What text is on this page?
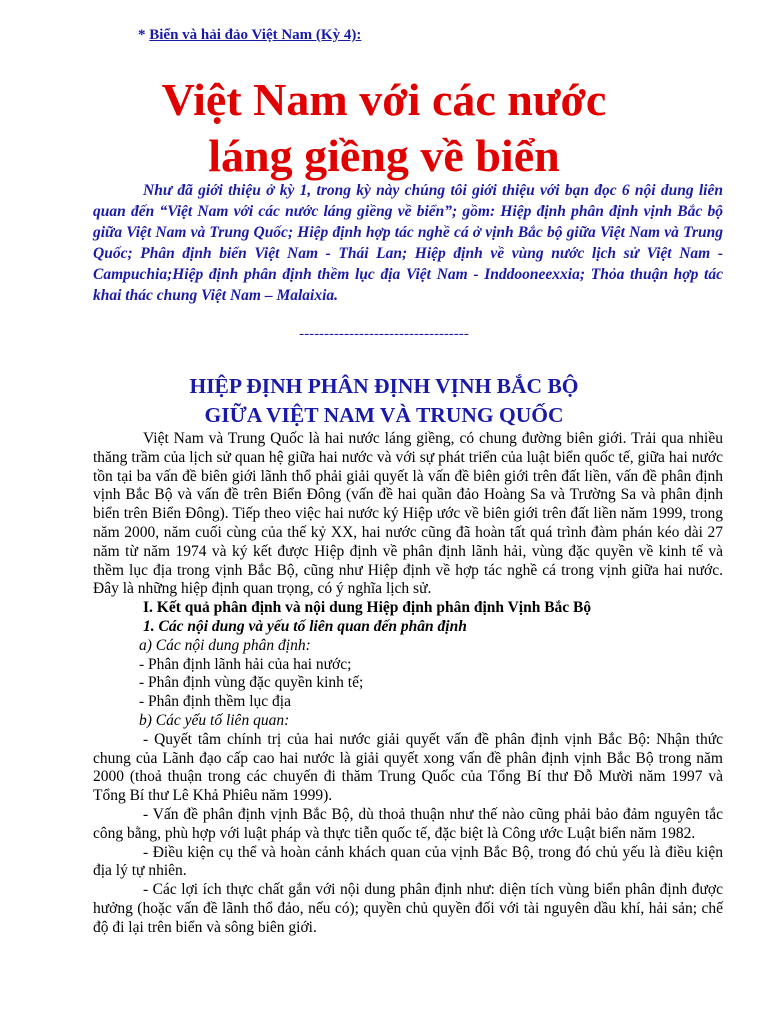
* Biển và hải đảo Việt Nam (Kỳ 4):
Việt Nam với các nước
láng giềng về biển

Như đã giới thiệu ở kỳ 1, trong kỳ này chúng tôi giới thiệu với bạn đọc 6 nội dung liên quan đến “Việt Nam với các nước láng giềng về biển”; gồm: Hiệp định phân định vịnh Bắc bộ giữa Việt Nam và Trung Quốc; Hiệp định hợp tác nghề cá ở vịnh Bắc bộ giữa Việt Nam và Trung Quốc; Phân định biển Việt Nam - Thái Lan; Hiệp định về vùng nước lịch sử Việt Nam - Campuchia;Hiệp định phân định thềm lục địa Việt Nam - Inddooneexxia; Thỏa thuận hợp tác khai thác chung Việt Nam – Malaixia.

----------------------------------
HIỆP ĐỊNH PHÂN ĐỊNH VỊNH BẮC BỘ
GIỮA VIỆT NAM VÀ TRUNG QUỐC

Việt Nam và Trung Quốc là hai nước láng giềng, có chung đường biên giới. Trải qua nhiều thăng trầm của lịch sử quan hệ giữa hai nước và với sự phát triển của luật biển quốc tế, giữa hai nước tồn tại ba vấn đề biên giới lãnh thổ phải giải quyết là vấn đề biên giới trên đất liền, vấn đề phân định vịnh Bắc Bộ và vấn đề trên Biển Đông (vấn đề hai quần đảo Hoàng Sa và Trường Sa và phân định biển trên Biển Đông). Tiếp theo việc hai nước ký Hiệp ước về biên giới trên đất liền năm 1999, trong năm 2000, năm cuối cùng của thế kỷ XX, hai nước cũng đã hoàn tất quá trình đàm phán kéo dài 27 năm từ năm 1974 và ký kết được Hiệp định về phân định lãnh hải, vùng đặc quyền về kinh tế và thềm lục địa trong vịnh Bắc Bộ, cũng như Hiệp định về hợp tác nghề cá trong vịnh giữa hai nước. Đây là những hiệp định quan trọng, có ý nghĩa lịch sử.

I. Kết quả phân định và nội dung Hiệp định phân định Vịnh Bắc Bộ

1. Các nội dung và yếu tố liên quan đến phân định

a) Các nội dung phân định:

- Phân định lãnh hải của hai nước;

- Phân định vùng đặc quyền kinh tế;

- Phân định thềm lục địa

b) Các yếu tố liên quan:

- Quyết tâm chính trị của hai nước giải quyết vấn đề phân định vịnh Bắc Bộ: Nhận thức chung của Lãnh đạo cấp cao hai nước là giải quyết xong vấn đề phân định vịnh Bắc Bộ trong năm 2000 (thoả thuận trong các chuyến đi thăm Trung Quốc của Tổng Bí thư Đỗ Mười năm 1997 và Tổng Bí thư Lê Khả Phiêu năm 1999).

- Vấn đề phân định vịnh Bắc Bộ, dù thoả thuận như thế nào cũng phải bảo đảm nguyên tắc công bằng, phù hợp với luật pháp và thực tiễn quốc tế, đặc biệt là Công ước Luật biển năm 1982.

- Điều kiện cụ thể và hoàn cảnh khách quan của vịnh Bắc Bộ, trong đó chủ yếu là điều kiện địa lý tự nhiên.

- Các lợi ích thực chất gắn với nội dung phân định như: diện tích vùng biển phân định được hưởng (hoặc vấn đề lãnh thổ đảo, nếu có); quyền chủ quyền đối với tài nguyên dầu khí, hải sản; chế độ đi lại trên biển và sông biên giới.
